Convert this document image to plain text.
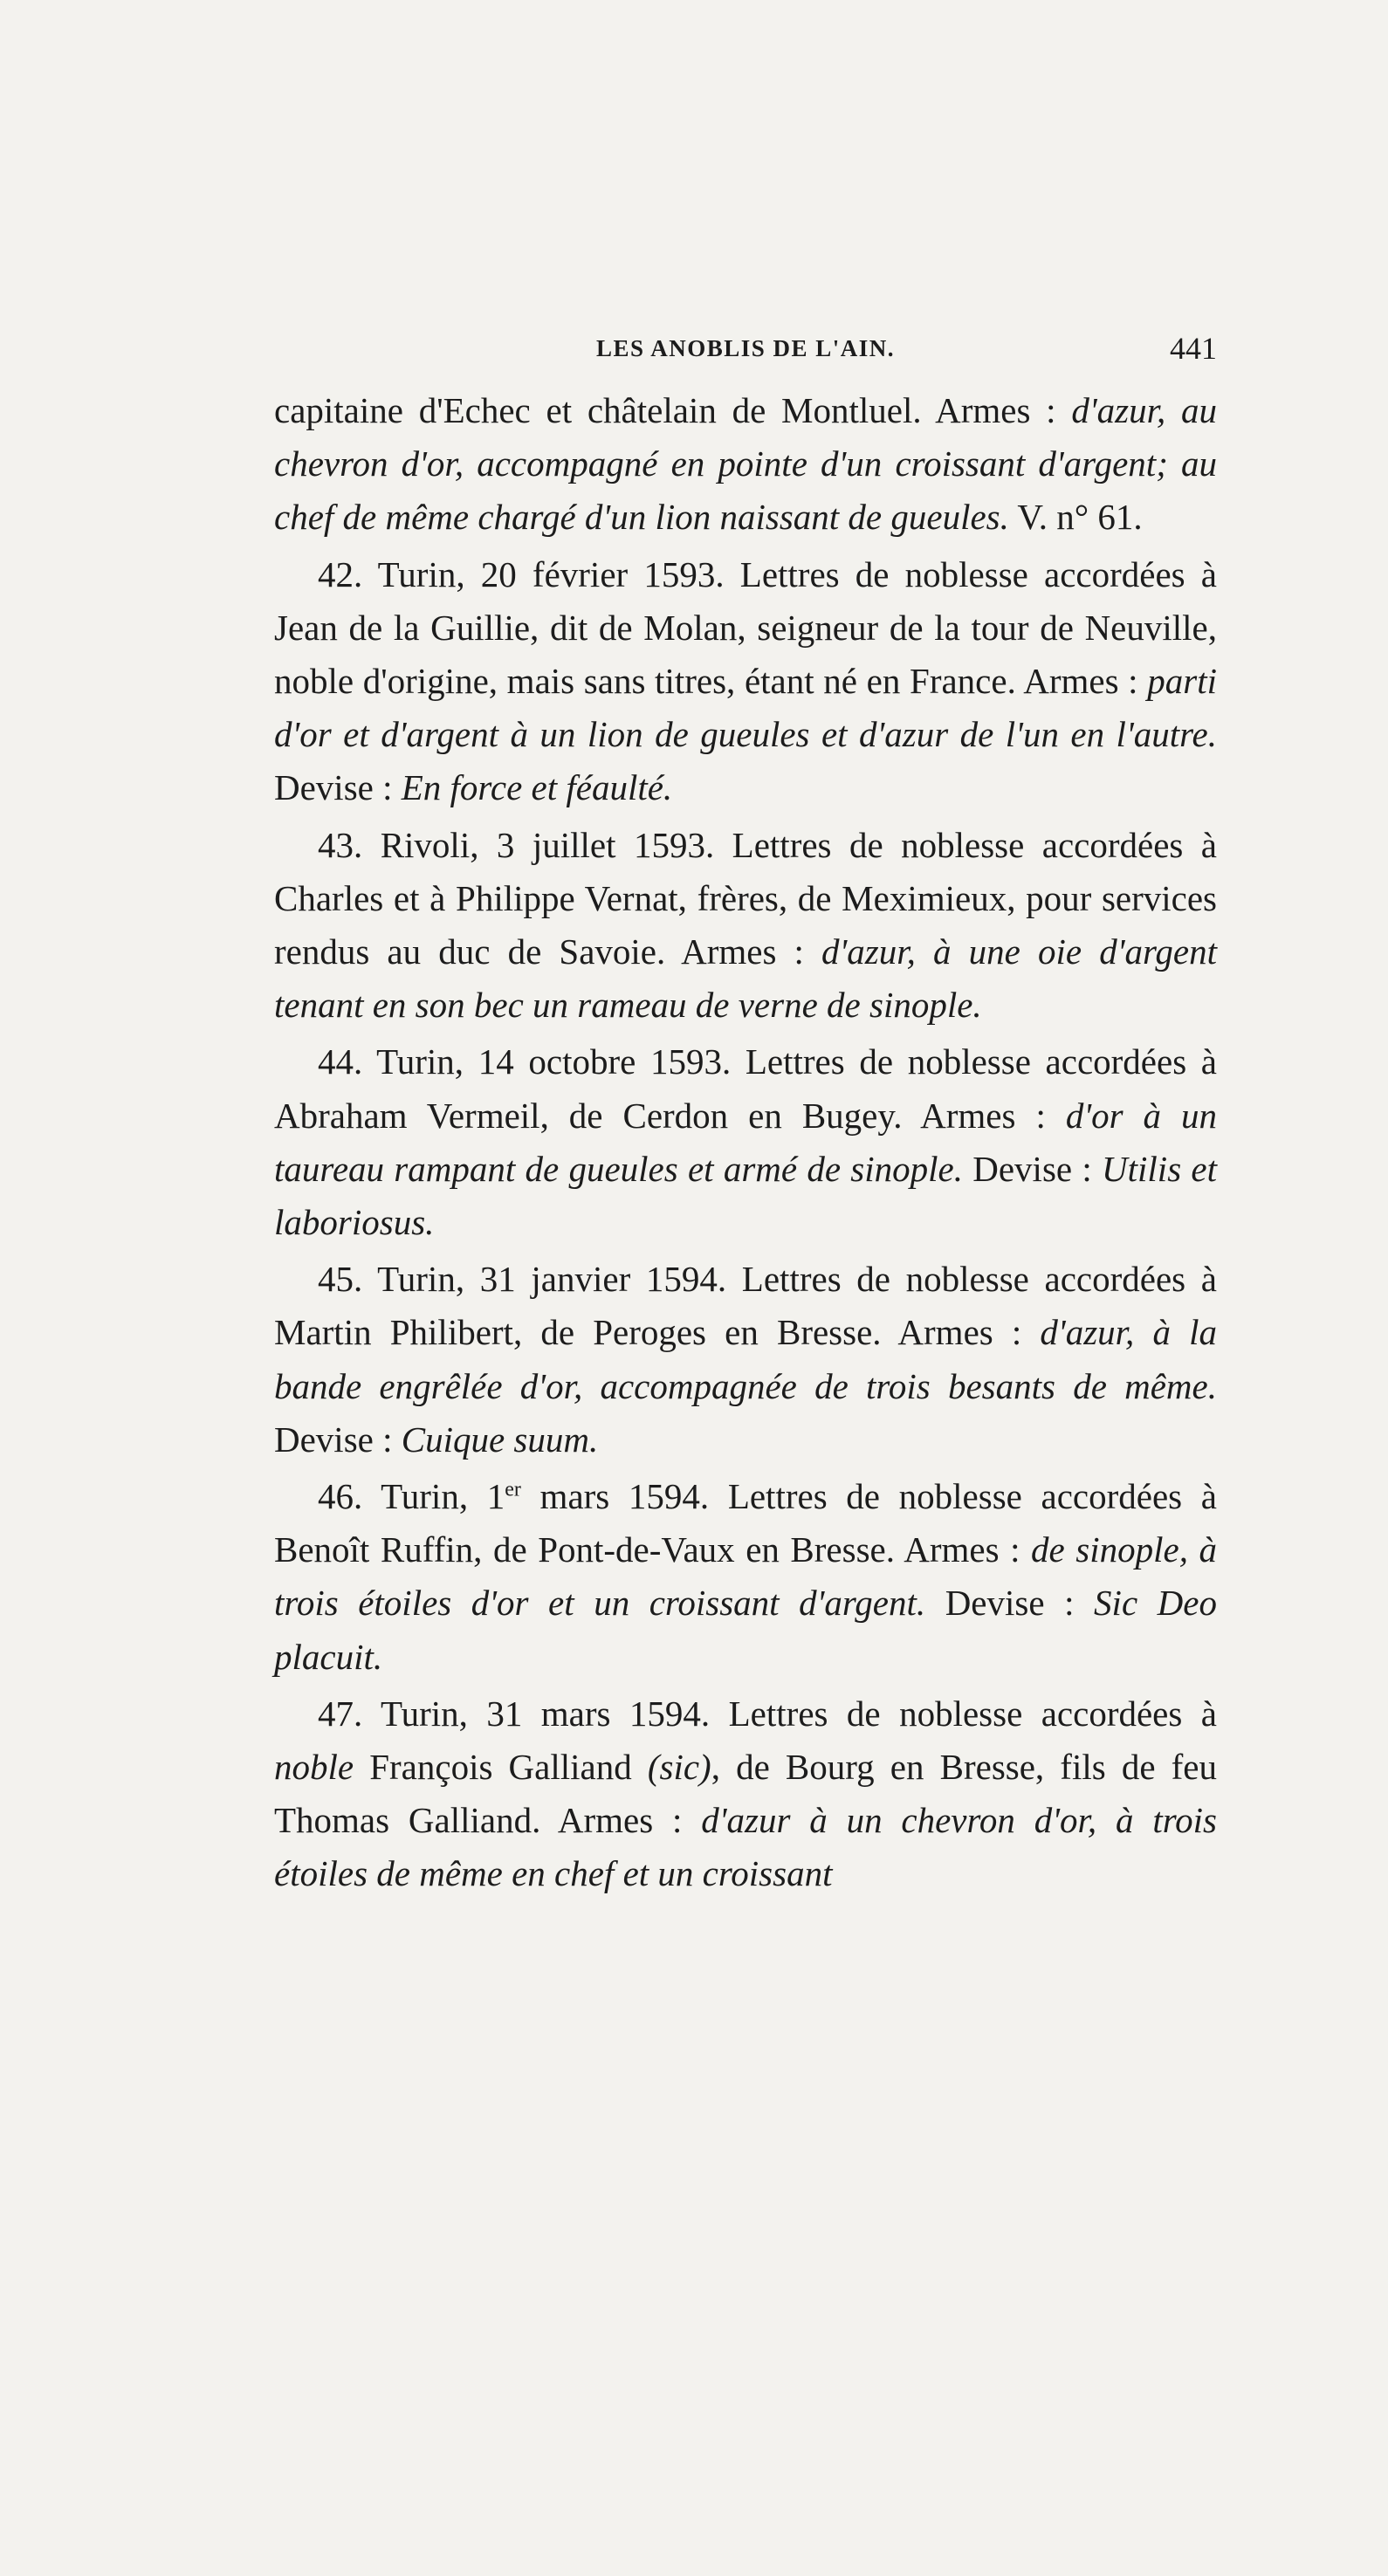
LES ANOBLIS DE L'AIN.	441

capitaine d'Echec et châtelain de Montluel. Armes : d'azur, au chevron d'or, accompagné en pointe d'un croissant d'argent; au chef de même chargé d'un lion naissant de gueules. V. n° 61.

42. Turin, 20 février 1593. Lettres de noblesse accordées à Jean de la Guillie, dit de Molan, seigneur de la tour de Neuville, noble d'origine, mais sans titres, étant né en France. Armes : parti d'or et d'argent à un lion de gueules et d'azur de l'un en l'autre. Devise : En force et féaulté.

43. Rivoli, 3 juillet 1593. Lettres de noblesse accordées à Charles et à Philippe Vernat, frères, de Meximieux, pour services rendus au duc de Savoie. Armes : d'azur, à une oie d'argent tenant en son bec un rameau de verne de sinople.

44. Turin, 14 octobre 1593. Lettres de noblesse accordées à Abraham Vermeil, de Cerdon en Bugey. Armes : d'or à un taureau rampant de gueules et armé de sinople. Devise : Utilis et laboriosus.

45. Turin, 31 janvier 1594. Lettres de noblesse accordées à Martin Philibert, de Peroges en Bresse. Armes : d'azur, à la bande engrêlée d'or, accompagnée de trois besants de même. Devise : Cuique suum.

46. Turin, 1er mars 1594. Lettres de noblesse accordées à Benoît Ruffin, de Pont-de-Vaux en Bresse. Armes : de sinople, à trois étoiles d'or et un croissant d'argent. Devise : Sic Deo placuit.

47. Turin, 31 mars 1594. Lettres de noblesse accordées à noble François Galliand (sic), de Bourg en Bresse, fils de feu Thomas Galliand. Armes : d'azur à un chevron d'or, à trois étoiles de même en chef et un croissant
